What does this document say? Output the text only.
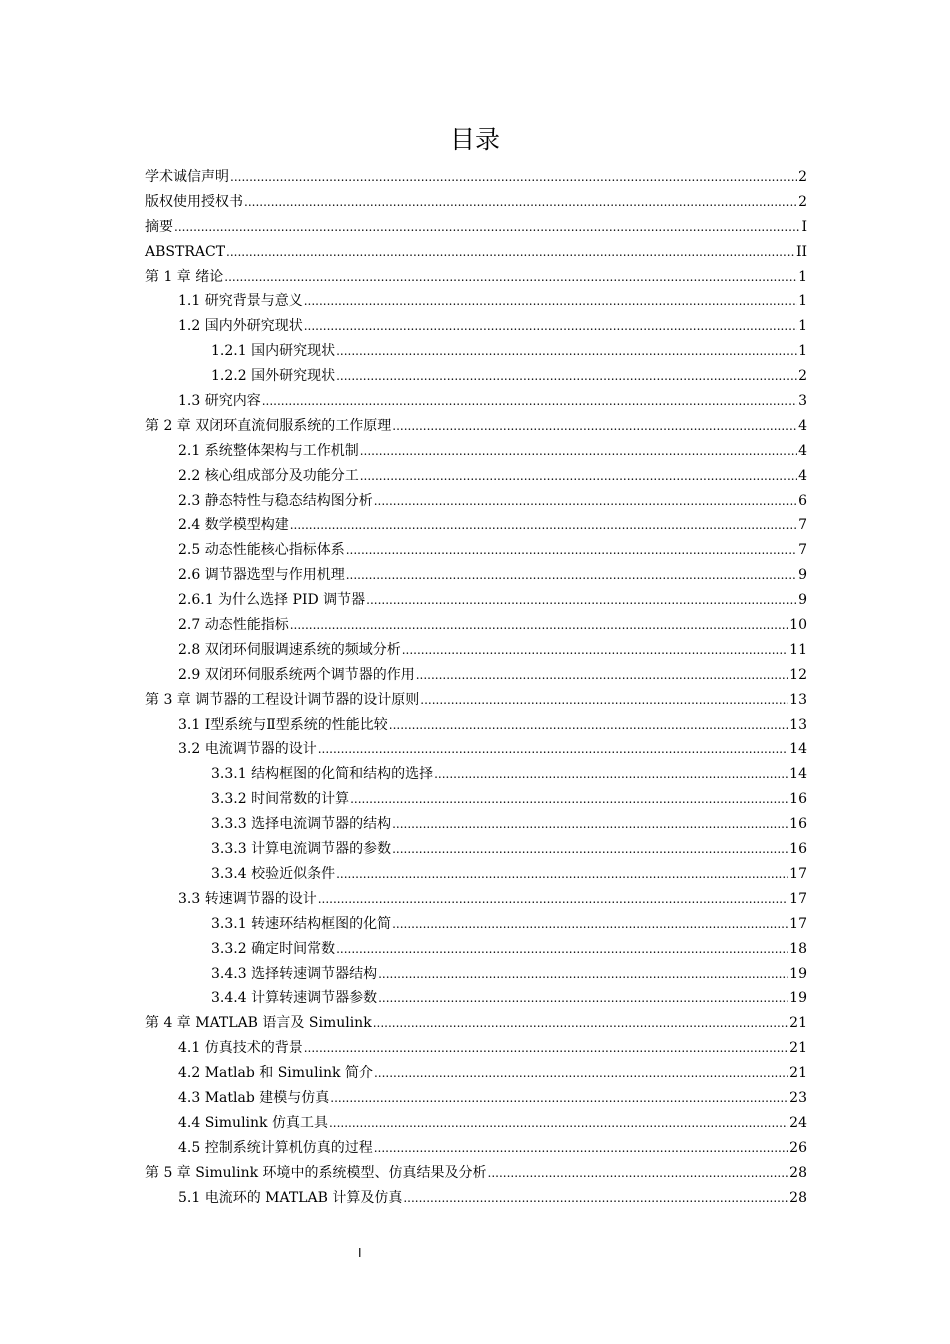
目录
学术诚信声明 .....	2
版权使用授权书 .....	2
摘要 .....	I
ABSTRACT .....	II
第 1 章 绪论 .....	1
1.1 研究背景与意义 .....	1
1.2 国内外研究现状 .....	1
1.2.1 国内研究现状 .....	1
1.2.2 国外研究现状 .....	2
1.3 研究内容 .....	3
第 2 章 双闭环直流伺服系统的工作原理 .....	4
2.1 系统整体架构与工作机制 .....	4
2.2 核心组成部分及功能分工 .....	4
2.3 静态特性与稳态结构图分析 .....	6
2.4 数学模型构建 .....	7
2.5 动态性能核心指标体系 .....	7
2.6 调节器选型与作用机理 .....	9
2.6.1 为什么选择 PID 调节器 .....	9
2.7 动态性能指标 .....	10
2.8 双闭环伺服调速系统的频域分析 .....	11
2.9 双闭环伺服系统两个调节器的作用 .....	12
第 3 章 调节器的工程设计调节器的设计原则 .....	13
3.1 Ⅰ型系统与Ⅱ型系统的性能比较 .....	13
3.2 电流调节器的设计 .....	14
3.3.1 结构框图的化简和结构的选择 .....	14
3.3.2 时间常数的计算 .....	16
3.3.3 选择电流调节器的结构 .....	16
3.3.3 计算电流调节器的参数 .....	16
3.3.4 校验近似条件 .....	17
3.3 转速调节器的设计 .....	17
3.3.1 转速环结构框图的化简 .....	17
3.3.2 确定时间常数 .....	18
3.4.3 选择转速调节器结构 .....	19
3.4.4 计算转速调节器参数 .....	19
第 4 章 MATLAB 语言及 Simulink .....	21
4.1 仿真技术的背景 .....	21
4.2 Matlab 和 Simulink 简介 .....	21
4.3 Matlab 建模与仿真 .....	23
4.4 Simulink 仿真工具 .....	24
4.5 控制系统计算机仿真的过程 .....	26
第 5 章 Simulink 环境中的系统模型、仿真结果及分析 .....	28
5.1 电流环的 MATLAB 计算及仿真 .....	28
I
